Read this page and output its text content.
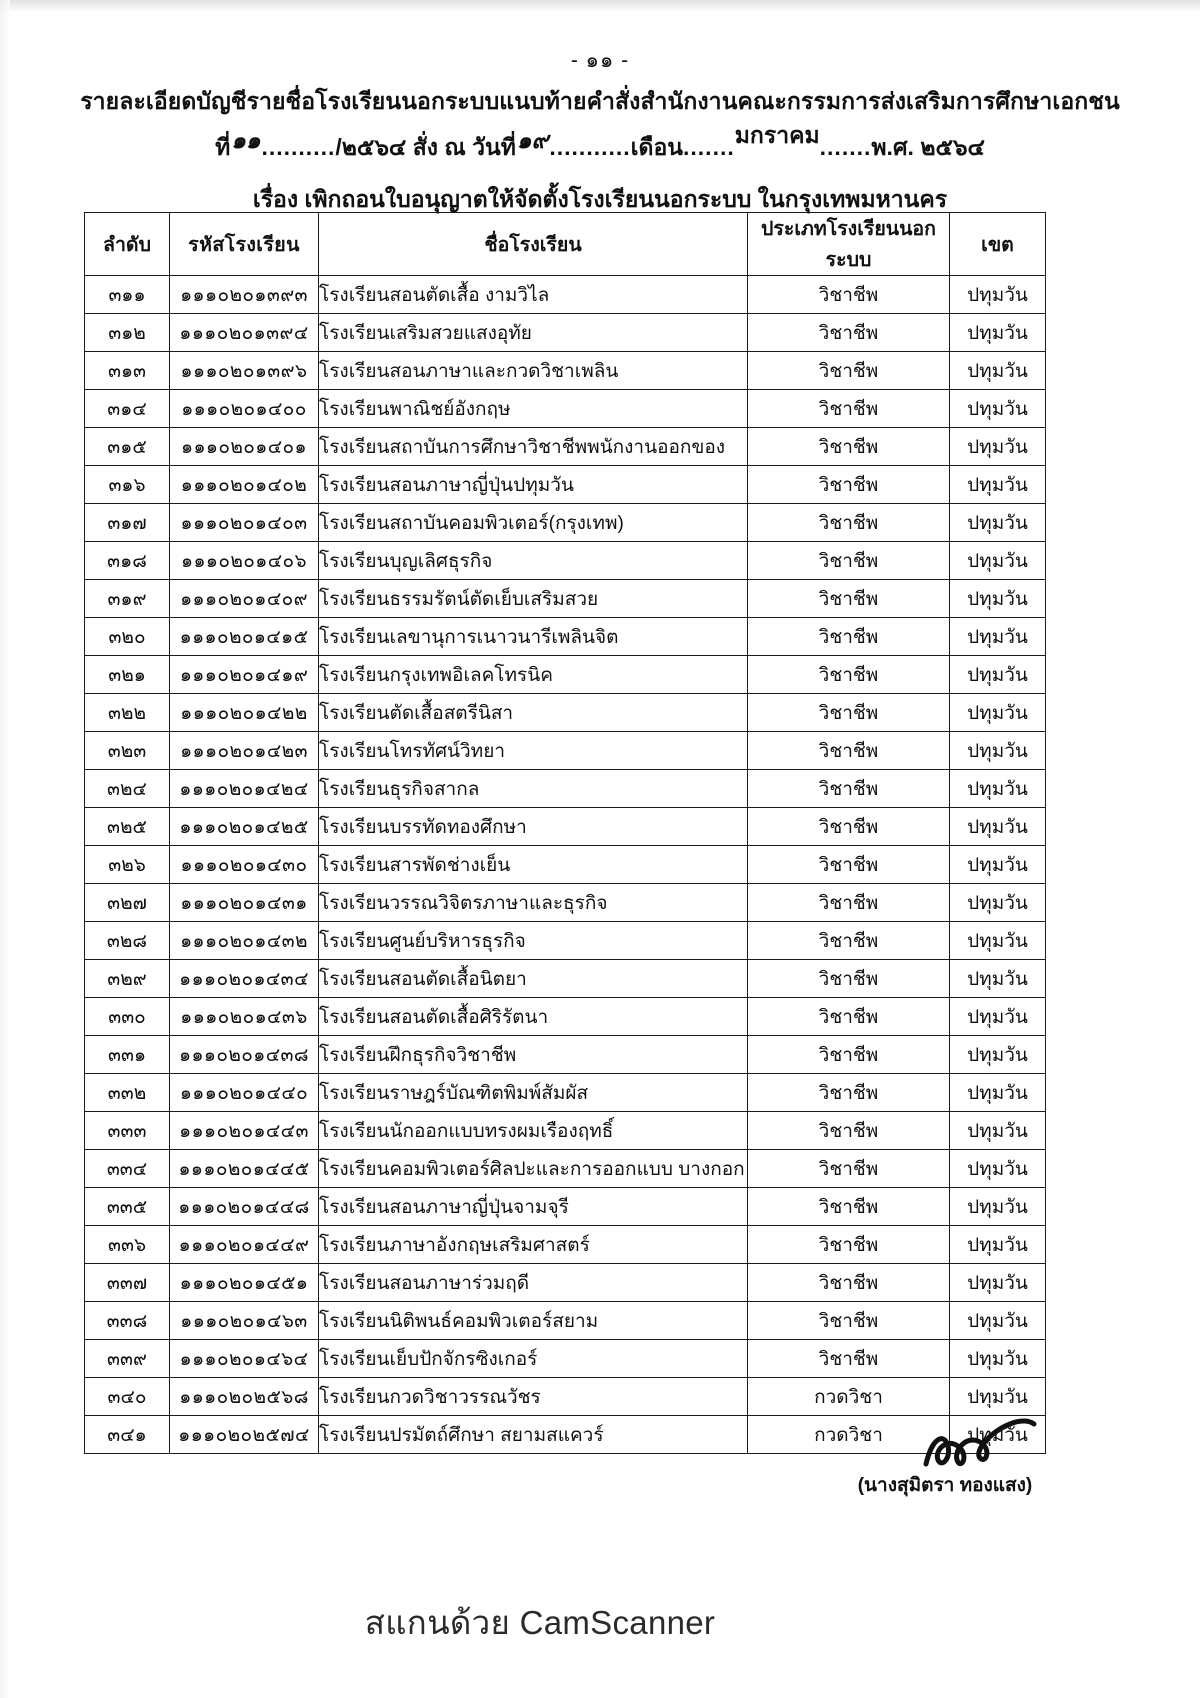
- ๑๑ -
รายละเอียดบัญชีรายชื่อโรงเรียนนอกระบบแนบท้ายคำสั่งสำนักงานคณะกรรมการส่งเสริมการศึกษาเอกชน
ที่๑๑........../๒๕๖๔ สั่ง ณ วันที่๑๙...........เดือน.......มกราคม.......พ.ศ. ๒๕๖๔
เรื่อง เพิกถอนใบอนุญาตให้จัดตั้งโรงเรียนนอกระบบ ในกรุงเทพมหานคร
ลำดับ	รหัสโรงเรียน	ชื่อโรงเรียน	ประเภทโรงเรียนนอกระบบ	เขต
๓๑๑	๑๑๑๐๒๐๑๓๙๓	โรงเรียนสอนตัดเสื้อ งามวิไล	วิชาชีพ	ปทุมวัน
๓๑๒	๑๑๑๐๒๐๑๓๙๔	โรงเรียนเสริมสวยแสงอุทัย	วิชาชีพ	ปทุมวัน
๓๑๓	๑๑๑๐๒๐๑๓๙๖	โรงเรียนสอนภาษาและกวดวิชาเพลิน	วิชาชีพ	ปทุมวัน
๓๑๔	๑๑๑๐๒๐๑๔๐๐	โรงเรียนพาณิชย์อังกฤษ	วิชาชีพ	ปทุมวัน
๓๑๕	๑๑๑๐๒๐๑๔๐๑	โรงเรียนสถาบันการศึกษาวิชาชีพพนักงานออกของ	วิชาชีพ	ปทุมวัน
๓๑๖	๑๑๑๐๒๐๑๔๐๒	โรงเรียนสอนภาษาญี่ปุ่นปทุมวัน	วิชาชีพ	ปทุมวัน
๓๑๗	๑๑๑๐๒๐๑๔๐๓	โรงเรียนสถาบันคอมพิวเตอร์(กรุงเทพ)	วิชาชีพ	ปทุมวัน
๓๑๘	๑๑๑๐๒๐๑๔๐๖	โรงเรียนบุญเลิศธุรกิจ	วิชาชีพ	ปทุมวัน
๓๑๙	๑๑๑๐๒๐๑๔๐๙	โรงเรียนธรรมรัตน์ตัดเย็บเสริมสวย	วิชาชีพ	ปทุมวัน
๓๒๐	๑๑๑๐๒๐๑๔๑๕	โรงเรียนเลขานุการเนาวนารีเพลินจิต	วิชาชีพ	ปทุมวัน
๓๒๑	๑๑๑๐๒๐๑๔๑๙	โรงเรียนกรุงเทพอิเลคโทรนิค	วิชาชีพ	ปทุมวัน
๓๒๒	๑๑๑๐๒๐๑๔๒๒	โรงเรียนตัดเสื้อสตรีนิสา	วิชาชีพ	ปทุมวัน
๓๒๓	๑๑๑๐๒๐๑๔๒๓	โรงเรียนโทรทัศน์วิทยา	วิชาชีพ	ปทุมวัน
๓๒๔	๑๑๑๐๒๐๑๔๒๔	โรงเรียนธุรกิจสากล	วิชาชีพ	ปทุมวัน
๓๒๕	๑๑๑๐๒๐๑๔๒๕	โรงเรียนบรรทัดทองศึกษา	วิชาชีพ	ปทุมวัน
๓๒๖	๑๑๑๐๒๐๑๔๓๐	โรงเรียนสารพัดช่างเย็น	วิชาชีพ	ปทุมวัน
๓๒๗	๑๑๑๐๒๐๑๔๓๑	โรงเรียนวรรณวิจิตรภาษาและธุรกิจ	วิชาชีพ	ปทุมวัน
๓๒๘	๑๑๑๐๒๐๑๔๓๒	โรงเรียนศูนย์บริหารธุรกิจ	วิชาชีพ	ปทุมวัน
๓๒๙	๑๑๑๐๒๐๑๔๓๔	โรงเรียนสอนตัดเสื้อนิตยา	วิชาชีพ	ปทุมวัน
๓๓๐	๑๑๑๐๒๐๑๔๓๖	โรงเรียนสอนตัดเสื้อศิริรัตนา	วิชาชีพ	ปทุมวัน
๓๓๑	๑๑๑๐๒๐๑๔๓๘	โรงเรียนฝึกธุรกิจวิชาชีพ	วิชาชีพ	ปทุมวัน
๓๓๒	๑๑๑๐๒๐๑๔๔๐	โรงเรียนราษฎร์บัณฑิตพิมพ์สัมผัส	วิชาชีพ	ปทุมวัน
๓๓๓	๑๑๑๐๒๐๑๔๔๓	โรงเรียนนักออกแบบทรงผมเรืองฤทธิ์	วิชาชีพ	ปทุมวัน
๓๓๔	๑๑๑๐๒๐๑๔๔๕	โรงเรียนคอมพิวเตอร์ศิลปะและการออกแบบ บางกอก	วิชาชีพ	ปทุมวัน
๓๓๕	๑๑๑๐๒๐๑๔๔๘	โรงเรียนสอนภาษาญี่ปุ่นจามจุรี	วิชาชีพ	ปทุมวัน
๓๓๖	๑๑๑๐๒๐๑๔๔๙	โรงเรียนภาษาอังกฤษเสริมศาสตร์	วิชาชีพ	ปทุมวัน
๓๓๗	๑๑๑๐๒๐๑๔๕๑	โรงเรียนสอนภาษาร่วมฤดี	วิชาชีพ	ปทุมวัน
๓๓๘	๑๑๑๐๒๐๑๔๖๓	โรงเรียนนิติพนธ์คอมพิวเตอร์สยาม	วิชาชีพ	ปทุมวัน
๓๓๙	๑๑๑๐๒๐๑๔๖๔	โรงเรียนเย็บปักจักรซิงเกอร์	วิชาชีพ	ปทุมวัน
๓๔๐	๑๑๑๐๒๐๒๕๖๘	โรงเรียนกวดวิชาวรรณวัชร	กวดวิชา	ปทุมวัน
๓๔๑	๑๑๑๐๒๐๒๕๗๔	โรงเรียนปรมัตถ์ศึกษา สยามสแควร์	กวดวิชา	ปทุมวัน
(นางสุมิตรา ทองแสง)
สแกนด้วย CamScanner
